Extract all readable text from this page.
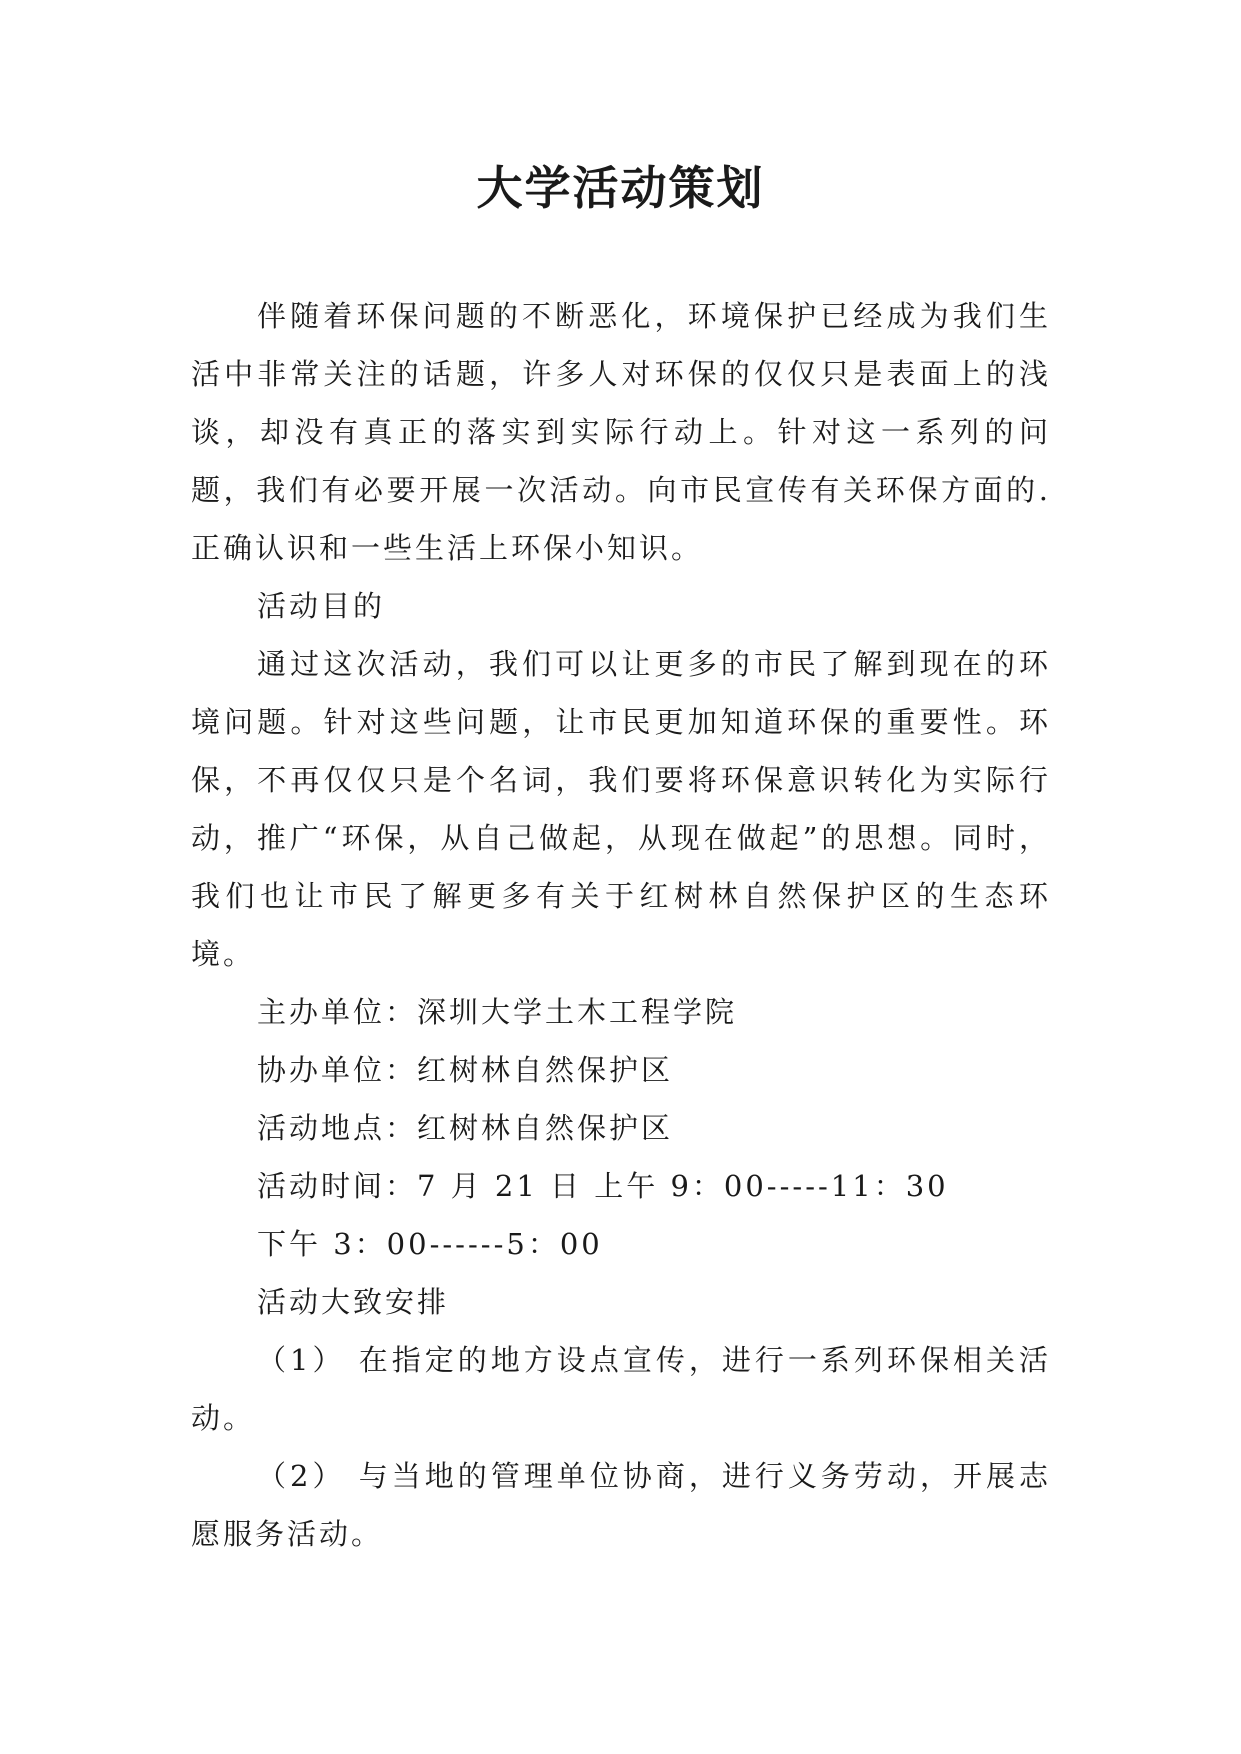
大学活动策划

伴随着环保问题的不断恶化，环境保护已经成为我们生活中非常关注的话题，许多人对环保的仅仅只是表面上的浅谈，却没有真正的落实到实际行动上。针对这一系列的问题，我们有必要开展一次活动。向市民宣传有关环保方面的.正确认识和一些生活上环保小知识。

活动目的

通过这次活动，我们可以让更多的市民了解到现在的环境问题。针对这些问题，让市民更加知道环保的重要性。环保，不再仅仅只是个名词，我们要将环保意识转化为实际行动，推广“环保，从自己做起，从现在做起”的思想。同时，我们也让市民了解更多有关于红树林自然保护区的生态环境。

主办单位：深圳大学土木工程学院

协办单位：红树林自然保护区

活动地点：红树林自然保护区

活动时间：7 月 21 日 上午 9：00-----11：30

下午 3：00------5：00

活动大致安排

（1） 在指定的地方设点宣传，进行一系列环保相关活动。

（2） 与当地的管理单位协商，进行义务劳动，开展志愿服务活动。
